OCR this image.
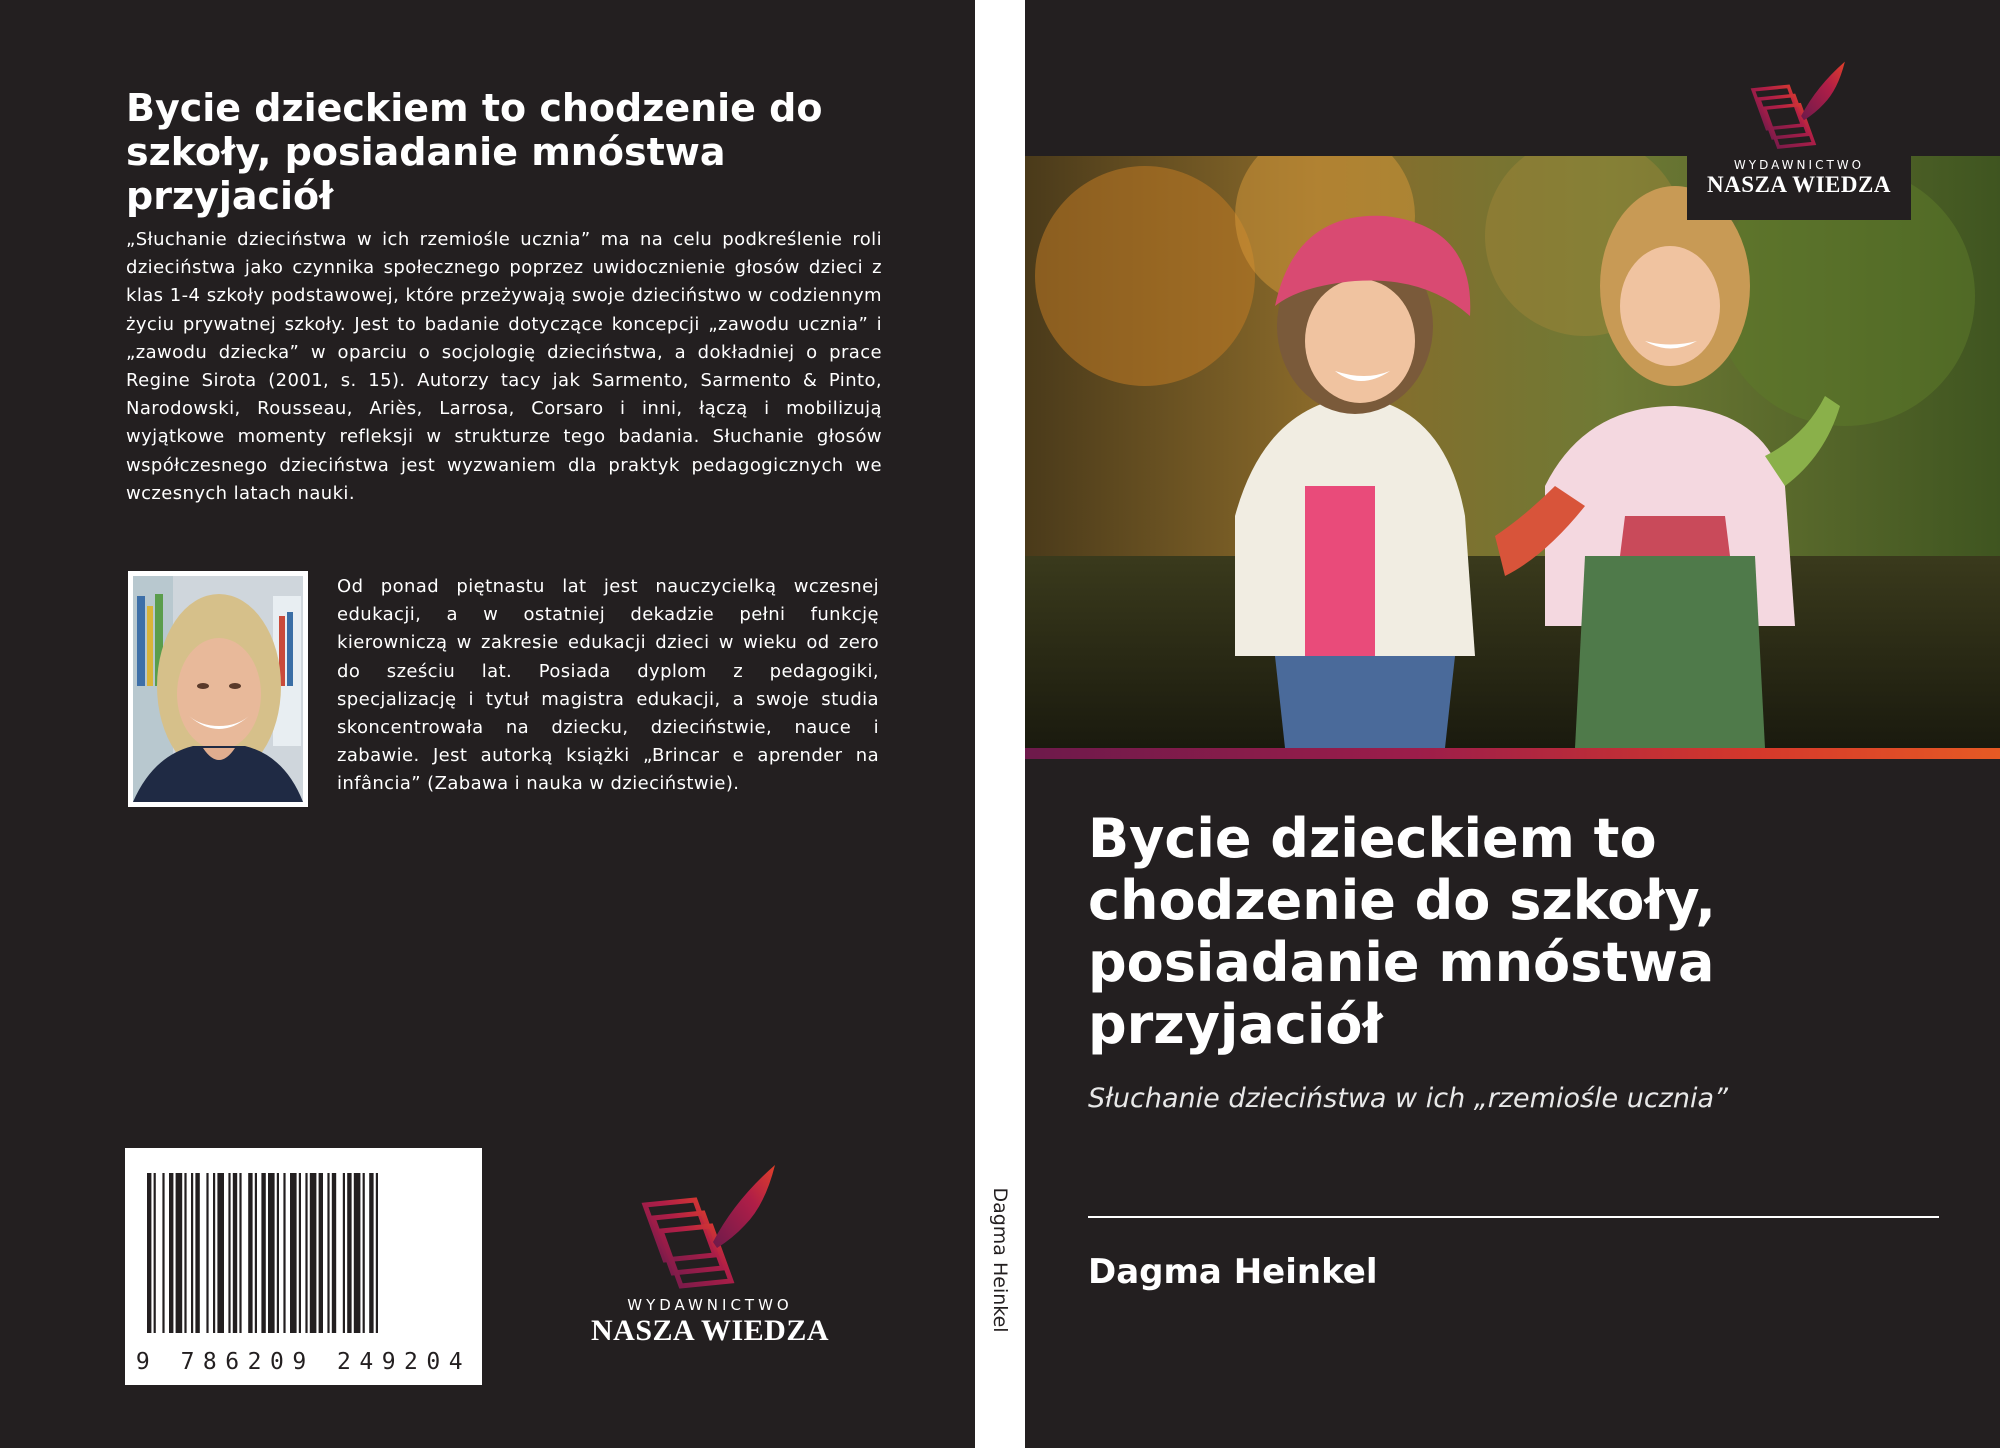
Bycie dzieckiem to chodzenie do szkoły, posiadanie mnóstwa przyjaciół
„Słuchanie dzieciństwa w ich rzemiośle ucznia” ma na celu podkreślenie roli dzieciństwa jako czynnika społecznego poprzez uwidocznienie głosów dzieci z klas 1-4 szkoły podstawowej, które przeżywają swoje dzieciństwo w codziennym życiu prywatnej szkoły. Jest to badanie dotyczące koncepcji „zawodu ucznia” i „zawodu dziecka” w oparciu o socjologię dzieciństwa, a dokładniej o prace Regine Sirota (2001, s. 15). Autorzy tacy jak Sarmento, Sarmento & Pinto, Narodowski, Rousseau, Ariès, Larrosa, Corsaro i inni, łączą i mobilizują wyjątkowe momenty refleksji w strukturze tego badania. Słuchanie głosów współczesnego dzieciństwa jest wyzwaniem dla praktyk pedagogicznych we wczesnych latach nauki.
Od ponad piętnastu lat jest nauczycielką wczesnej edukacji, a w ostatniej dekadzie pełni funkcję kierowniczą w zakresie edukacji dzieci w wieku od zero do sześciu lat. Posiada dyplom z pedagogiki, specjalizację i tytuł magistra edukacji, a swoje studia skoncentrowała na dziecku, dzieciństwie, nauce i zabawie. Jest autorką książki „Brincar e aprender na infância” (Zabawa i nauka w dzieciństwie).
9 786209 249204
WYDAWNICTWO
NASZA WIEDZA	Dagma Heinkel
Bycie dzieckiem to chodzenie do szkoły, posiadanie mnóstwa przyjaciół
Słuchanie dzieciństwa w ich „rzemiośle ucznia”
Dagma Heinkel
WYDAWNICTWO
NASZA WIEDZA
